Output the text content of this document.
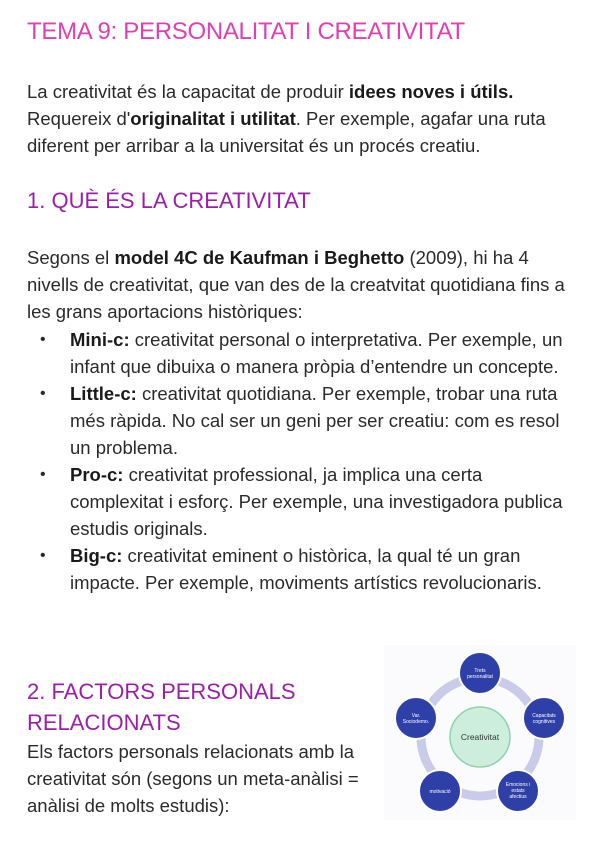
TEMA 9: PERSONALITAT I CREATIVITAT

La creativitat és la capacitat de produir idees noves i útils. Requereix d'originalitat i utilitat. Per exemple, agafar una ruta diferent per arribar a la universitat és un procés creatiu.

1. QUÈ ÉS LA CREATIVITAT

Segons el model 4C de Kaufman i Beghetto (2009), hi ha 4 nivells de creativitat, que van des de la creatvitat quotidiana fins a les grans aportacions històriques:

• Mini-c: creativitat personal o interpretativa. Per exemple, un infant que dibuixa o manera pròpia d’entendre un concepte.
• Little-c: creativitat quotidiana. Per exemple, trobar una ruta més ràpida. No cal ser un geni per ser creatiu: com es resol un problema.
• Pro-c: creativitat professional, ja implica una certa complexitat i esforç. Per exemple, una investigadora publica estudis originals.
• Big-c: creativitat eminent o històrica, la qual té un gran impacte. Per exemple, moviments artístics revolucionaris.
2. FACTORS PERSONALS
RELACIONATS

Els factors personals relacionats amb la creativitat són (segons un meta-anàlisi = anàlisi de molts estudis):

Creativitat
Trets personalitat
Capacitats cognitives
Emocions i estats afectius
motivació
Var. Sociodemo.
